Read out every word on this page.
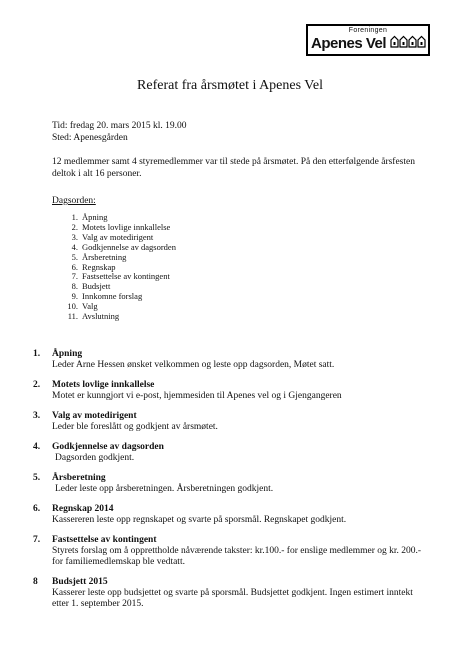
Foreningen
Apenes Vel
Referat fra årsmøtet i Apenes Vel
Tid: fredag 20. mars 2015 kl. 19.00
Sted: Apenesgården
12 medlemmer samt 4 styremedlemmer var til stede på årsmøtet. På den etterfølgende årsfesten deltok i alt 16 personer.
Dagsorden:
1. Åpning
2. Motets lovlige innkallelse
3. Valg av motedirigent
4. Godkjennelse av dagsorden
5. Årsberetning
6. Regnskap
7. Fastsettelse av kontingent
8. Budsjett
9. Innkomne forslag
10. Valg
11. Avslutning
1. Åpning
Leder Arne Hessen ønsket velkommen og leste opp dagsorden, Møtet satt.
2. Motets lovlige innkallelse
Motet er kunngjort vi e-post, hjemmesiden til Apenes vel og i Gjengangeren
3. Valg av motedirigent
Leder ble foreslått og godkjent av årsmøtet.
4. Godkjennelse av dagsorden
Dagsorden godkjent.
5. Årsberetning
Leder leste opp årsberetningen. Årsberetningen godkjent.
6. Regnskap 2014
Kassereren leste opp regnskapet og svarte på sporsmål. Regnskapet godkjent.
7. Fastsettelse av kontingent
Styrets forslag om å opprettholde nåværende takster: kr.100.- for enslige medlemmer og kr. 200.- for familiemedlemskap ble vedtatt.
8 Budsjett 2015
Kasserer leste opp budsjettet og svarte på sporsmål. Budsjettet godkjent. Ingen estimert inntekt etter 1. september 2015.
